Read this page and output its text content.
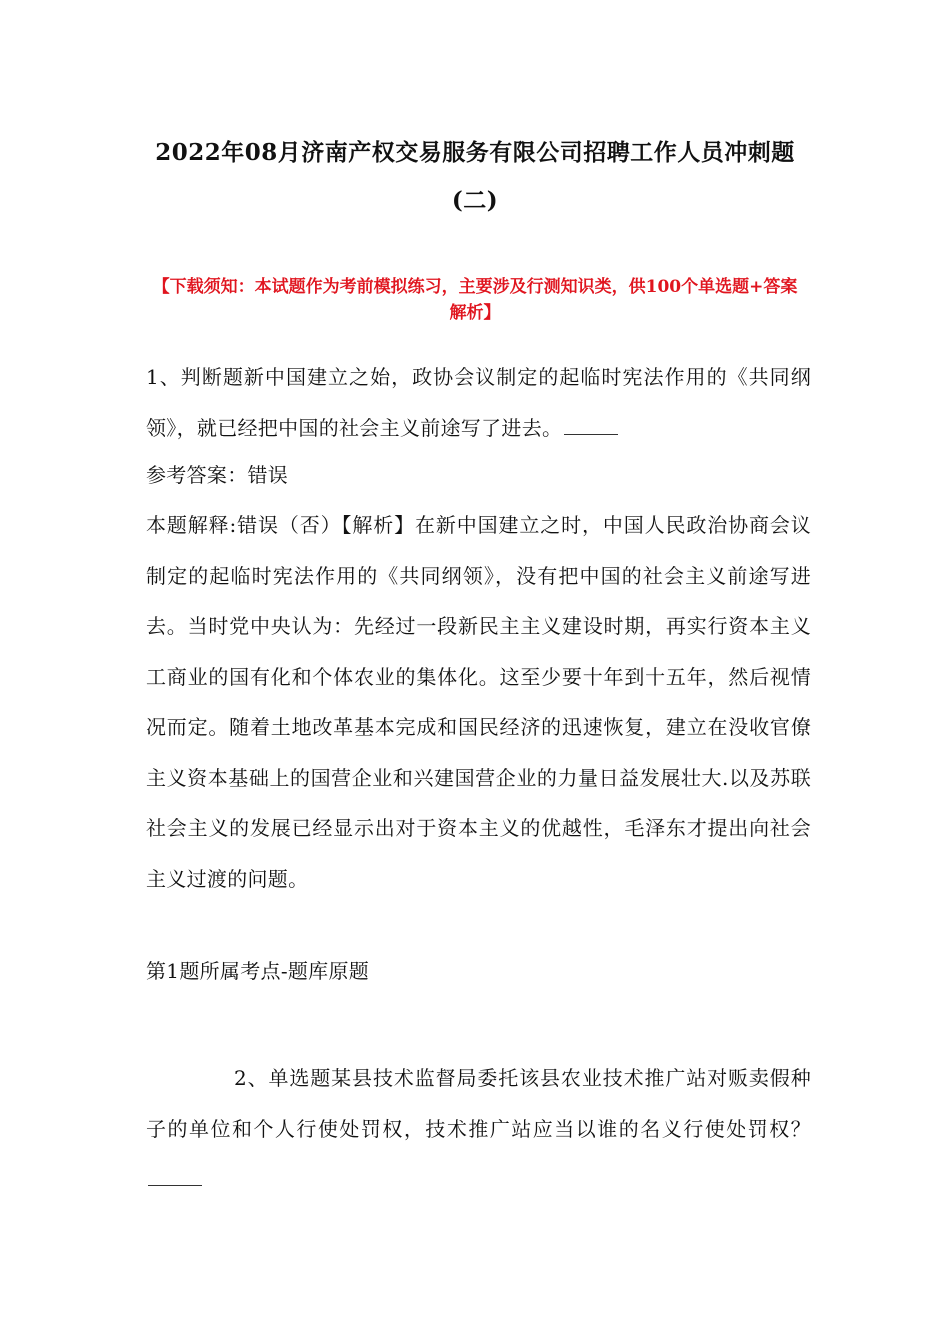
2022年08月济南产权交易服务有限公司招聘工作人员冲刺题
(二)
【下载须知：本试题作为考前模拟练习，主要涉及行测知识类，供100个单选题+答案解析】
1、判断题新中国建立之始，政协会议制定的起临时宪法作用的《共同纲领》，就已经把中国的社会主义前途写了进去。
参考答案：错误
本题解释:错误（否）【解析】在新中国建立之时，中国人民政治协商会议制定的起临时宪法作用的《共同纲领》，没有把中国的社会主义前途写进去。当时党中央认为：先经过一段新民主主义建设时期，再实行资本主义工商业的国有化和个体农业的集体化。这至少要十年到十五年，然后视情况而定。随着土地改革基本完成和国民经济的迅速恢复，建立在没收官僚主义资本基础上的国营企业和兴建国营企业的力量日益发展壮大.以及苏联社会主义的发展已经显示出对于资本主义的优越性，毛泽东才提出向社会主义过渡的问题。
第1题所属考点-题库原题
2、单选题某县技术监督局委托该县农业技术推广站对贩卖假种子的单位和个人行使处罚权，技术推广站应当以谁的名义行使处罚权？
